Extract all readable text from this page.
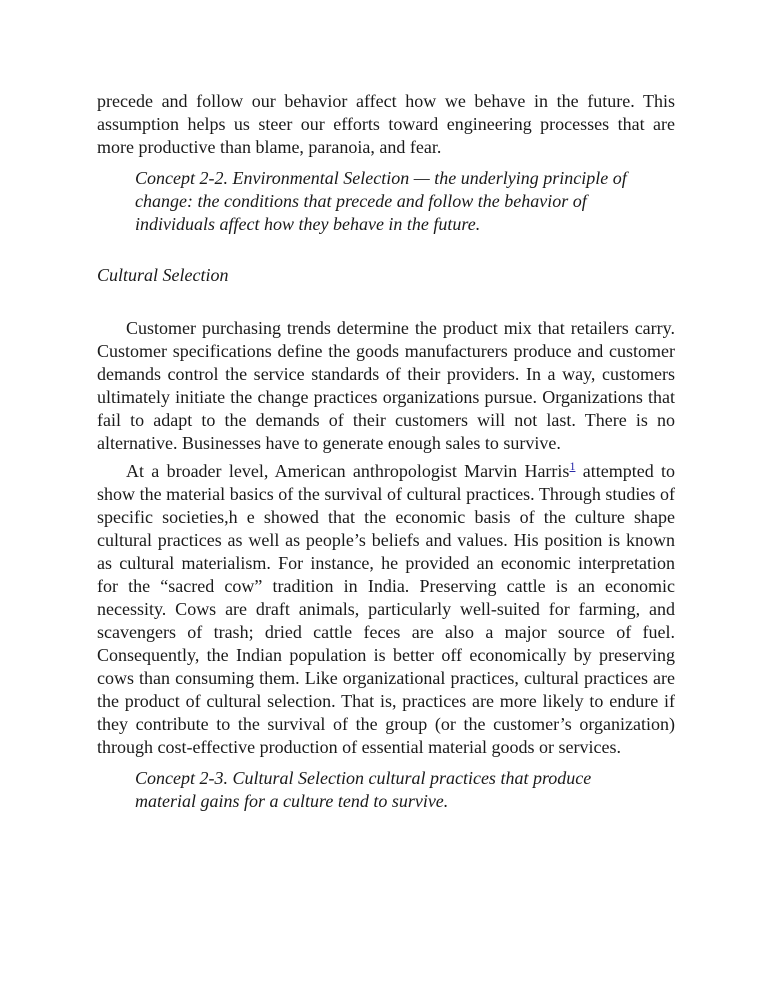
precede and follow our behavior affect how we behave in the future. This assumption helps us steer our efforts toward engineering processes that are more productive than blame, paranoia, and fear.

Concept 2-2. Environmental Selection — the underlying principle of change: the conditions that precede and follow the behavior of individuals affect how they behave in the future.

Cultural Selection

Customer purchasing trends determine the product mix that retailers carry. Customer specifications define the goods manufacturers produce and customer demands control the service standards of their providers. In a way, customers ultimately initiate the change practices organizations pursue. Organizations that fail to adapt to the demands of their customers will not last. There is no alternative. Businesses have to generate enough sales to survive.

At a broader level, American anthropologist Marvin Harris$^1$ attempted to show the material basics of the survival of cultural practices. Through studies of specific societies,h e showed that the economic basis of the culture shape cultural practices as well as people’s beliefs and values. His position is known as cultural materialism. For instance, he provided an economic interpretation for the “sacred cow” tradition in India. Preserving cattle is an economic necessity. Cows are draft animals, particularly well-suited for farming, and scavengers of trash; dried cattle feces are also a major source of fuel. Consequently, the Indian population is better off economically by preserving cows than consuming them. Like organizational practices, cultural practices are the product of cultural selection. That is, practices are more likely to endure if they contribute to the survival of the group (or the customer’s organization) through cost-effective production of essential material goods or services.

Concept 2-3. Cultural Selection cultural practices that produce material gains for a culture tend to survive.
